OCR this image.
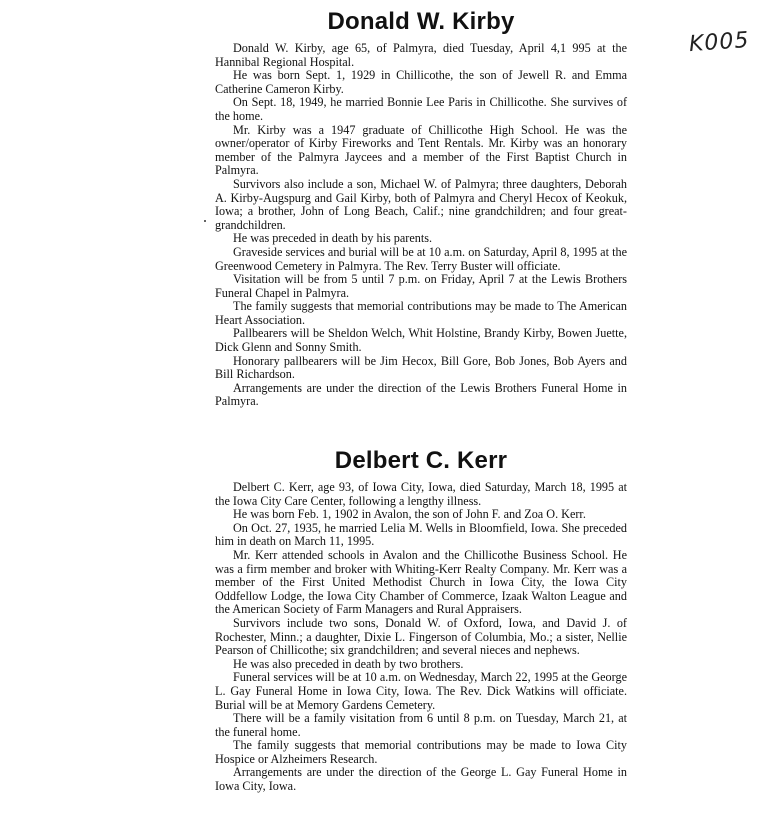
K005
Donald W. Kirby

Donald W. Kirby, age 65, of Palmyra, died Tuesday, April 4,1 995 at the Hannibal Regional Hospital.

He was born Sept. 1, 1929 in Chillicothe, the son of Jewell R. and Emma Catherine Cameron Kirby.

On Sept. 18, 1949, he married Bonnie Lee Paris in Chillicothe. She survives of the home.

Mr. Kirby was a 1947 graduate of Chillicothe High School. He was the owner/operator of Kirby Fireworks and Tent Rentals. Mr. Kirby was an honorary member of the Palmyra Jaycees and a member of the First Baptist Church in Palmyra.

Survivors also include a son, Michael W. of Palmyra; three daughters, Deborah A. Kirby-Augspurg and Gail Kirby, both of Palmyra and Cheryl Hecox of Keokuk, Iowa; a brother, John of Long Beach, Calif.; nine grandchildren; and four great-grandchildren.

He was preceded in death by his parents.

Graveside services and burial will be at 10 a.m. on Saturday, April 8, 1995 at the Greenwood Cemetery in Palmyra. The Rev. Terry Buster will officiate.

Visitation will be from 5 until 7 p.m. on Friday, April 7 at the Lewis Brothers Funeral Chapel in Palmyra.

The family suggests that memorial contributions may be made to The American Heart Association.

Pallbearers will be Sheldon Welch, Whit Holstine, Brandy Kirby, Bowen Juette, Dick Glenn and Sonny Smith.

Honorary pallbearers will be Jim Hecox, Bill Gore, Bob Jones, Bob Ayers and Bill Richardson.

Arrangements are under the direction of the Lewis Brothers Funeral Home in Palmyra.

Delbert C. Kerr

Delbert C. Kerr, age 93, of Iowa City, Iowa, died Saturday, March 18, 1995 at the Iowa City Care Center, following a lengthy illness.

He was born Feb. 1, 1902 in Avalon, the son of John F. and Zoa O. Kerr.

On Oct. 27, 1935, he married Lelia M. Wells in Bloomfield, Iowa. She preceded him in death on March 11, 1995.

Mr. Kerr attended schools in Avalon and the Chillicothe Business School. He was a firm member and broker with Whiting-Kerr Realty Company. Mr. Kerr was a member of the First United Methodist Church in Iowa City, the Iowa City Oddfellow Lodge, the Iowa City Chamber of Commerce, Izaak Walton League and the American Society of Farm Managers and Rural Appraisers.

Survivors include two sons, Donald W. of Oxford, Iowa, and David J. of Rochester, Minn.; a daughter, Dixie L. Fingerson of Columbia, Mo.; a sister, Nellie Pearson of Chillicothe; six grandchildren; and several nieces and nephews.

He was also preceded in death by two brothers.

Funeral services will be at 10 a.m. on Wednesday, March 22, 1995 at the George L. Gay Funeral Home in Iowa City, Iowa. The Rev. Dick Watkins will officiate. Burial will be at Memory Gardens Cemetery.

There will be a family visitation from 6 until 8 p.m. on Tuesday, March 21, at the funeral home.

The family suggests that memorial contributions may be made to Iowa City Hospice or Alzheimers Research.

Arrangements are under the direction of the George L. Gay Funeral Home in Iowa City, Iowa.
